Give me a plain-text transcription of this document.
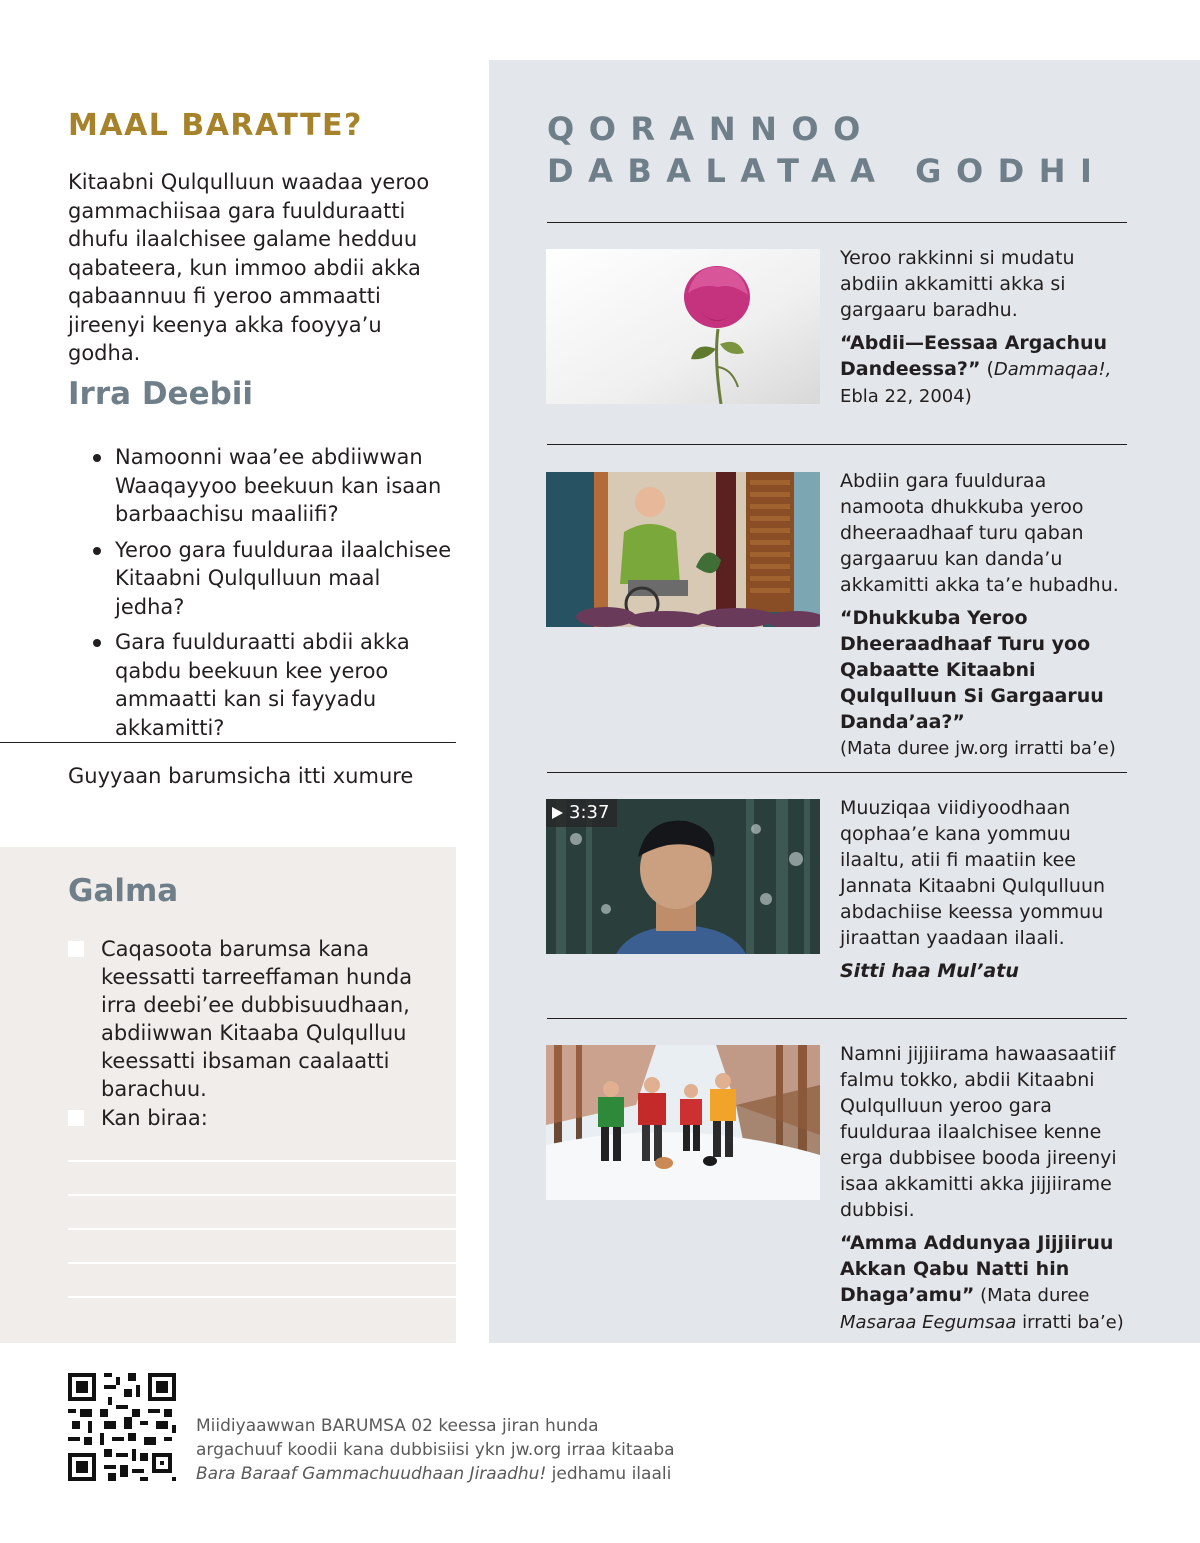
MAAL BARATTE?

Kitaabni Qulqulluun waadaa yeroo gammachiisaa gara fuulduraatti dhufu ilaalchisee galame hedduu qabateera, kun immoo abdii akka qabaannuu fi yeroo ammaatti jireenyi keenya akka fooyya’u godha.

Irra Deebii
Namoonni waa’ee abdiiwwan Waaqayyoo beekuun kan isaan barbaachisu maaliifi?
Yeroo gara fuulduraa ilaalchisee Kitaabni Qulqulluun maal jedha?
Gara fuulduraatti abdii akka qabdu beekuun kee yeroo ammaatti kan si fayyadu akkamitti?
Guyyaan barumsicha itti xumure
Galma
Caqasoota barumsa kana keessatti tarreeffaman hunda irra deebi’ee dubbisuudhaan, abdiiwwan Kitaaba Qulqulluu keessatti ibsaman caalaatti barachuu.
Kan biraa:
QORANNOO
DABALATAA GODHI
Yeroo rakkinni si mudatu abdiin akkamitti akka si gargaaru baradhu.
“Abdii—Eessaa Argachuu Dandeessa?” (Dammaqaa!, Ebla 22, 2004)
Abdiin gara fuulduraa namoota dhukkuba yeroo dheeraadhaaf turu qaban gargaaruu kan danda’u akkamitti akka ta’e hubadhu.
“Dhukkuba Yeroo Dheeraadhaaf Turu yoo Qabaatte Kitaabni Qulqulluun Si Gargaaruu Danda’aa?”
(Mata duree jw.org irratti ba’e)
3:37	Muuziqaa viidiyoodhaan qophaa’e kana yommuu ilaaltu, atii fi maatiin kee Jannata Kitaabni Qulqulluun abdachiise keessa yommuu jiraattan yaadaan ilaali.
Sitti haa Mul’atu
Namni jijjiirama hawaasaatiif falmu tokko, abdii Kitaabni Qulqulluun yeroo gara fuulduraa ilaalchisee kenne erga dubbisee booda jireenyi isaa akkamitti akka jijjiirame dubbisi.
“Amma Addunyaa Jijjiiruu Akkan Qabu Natti hin Dhaga’amu” (Mata duree Masaraa Eegumsaa irratti ba’e)
Miidiyaawwan BARUMSA 02 keessa jiran hunda
argachuuf koodii kana dubbisiisi ykn jw.org irraa kitaaba
Bara Baraaf Gammachuudhaan Jiraadhu! jedhamu ilaali
